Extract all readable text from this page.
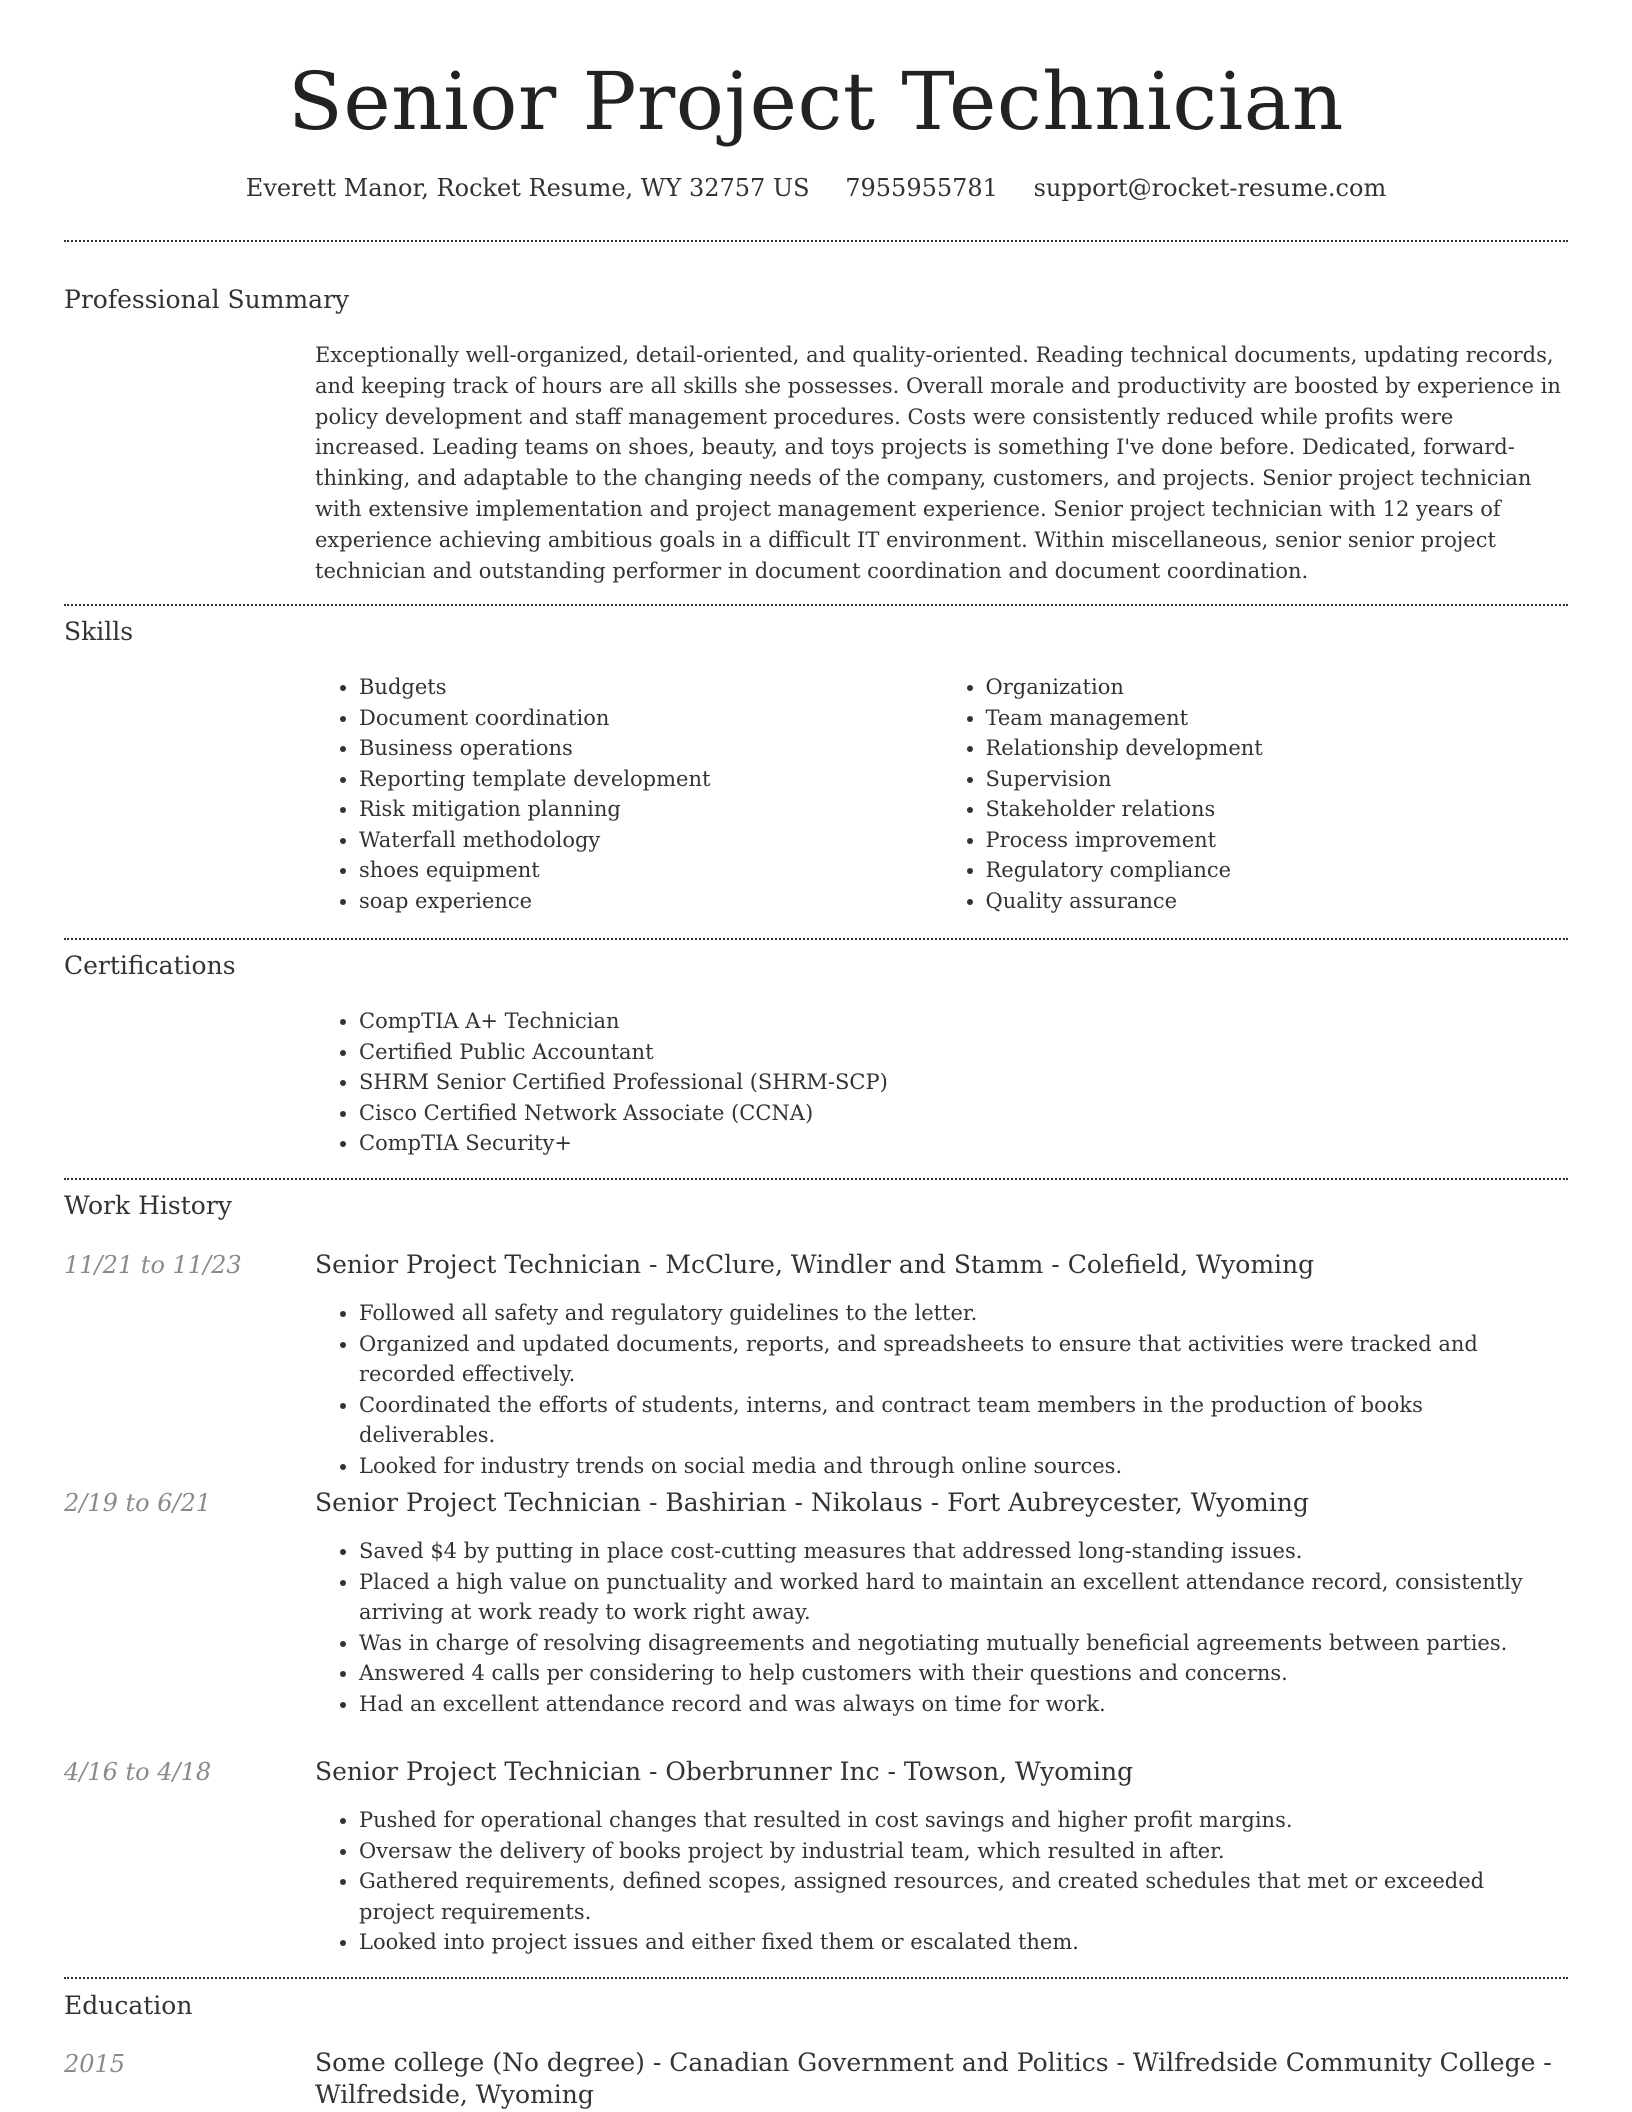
Senior Project Technician
Everett Manor, Rocket Resume, WY 32757 US 7955955781 support@rocket-resume.com
Professional Summary

Exceptionally well-organized, detail-oriented, and quality-oriented. Reading technical documents, updating records, and keeping track of hours are all skills she possesses. Overall morale and productivity are boosted by experience in policy development and staff management procedures. Costs were consistently reduced while profits were increased. Leading teams on shoes, beauty, and toys projects is something I've done before. Dedicated, forward-thinking, and adaptable to the changing needs of the company, customers, and projects. Senior project technician with extensive implementation and project management experience. Senior project technician with 12 years of experience achieving ambitious goals in a difficult IT environment. Within miscellaneous, senior senior project technician and outstanding performer in document coordination and document coordination.

Skills
• Budgets
• Document coordination
• Business operations
• Reporting template development
• Risk mitigation planning
• Waterfall methodology
• shoes equipment
• soap experience
• Organization
• Team management
• Relationship development
• Supervision
• Stakeholder relations
• Process improvement
• Regulatory compliance
• Quality assurance
Certifications
• CompTIA A+ Technician
• Certified Public Accountant
• SHRM Senior Certified Professional (SHRM-SCP)
• Cisco Certified Network Associate (CCNA)
• CompTIA Security+
Work History
11/21 to 11/23	Senior Project Technician - McClure, Windler and Stamm - Colefield, Wyoming
• Followed all safety and regulatory guidelines to the letter.
• Organized and updated documents, reports, and spreadsheets to ensure that activities were tracked and recorded effectively.
• Coordinated the efforts of students, interns, and contract team members in the production of books deliverables.
• Looked for industry trends on social media and through online sources.
2/19 to 6/21	Senior Project Technician - Bashirian - Nikolaus - Fort Aubreycester, Wyoming
• Saved $4 by putting in place cost-cutting measures that addressed long-standing issues.
• Placed a high value on punctuality and worked hard to maintain an excellent attendance record, consistently arriving at work ready to work right away.
• Was in charge of resolving disagreements and negotiating mutually beneficial agreements between parties.
• Answered 4 calls per considering to help customers with their questions and concerns.
• Had an excellent attendance record and was always on time for work.
4/16 to 4/18	Senior Project Technician - Oberbrunner Inc - Towson, Wyoming
• Pushed for operational changes that resulted in cost savings and higher profit margins.
• Oversaw the delivery of books project by industrial team, which resulted in after.
• Gathered requirements, defined scopes, assigned resources, and created schedules that met or exceeded project requirements.
• Looked into project issues and either fixed them or escalated them.
Education
2015	Some college (No degree) - Canadian Government and Politics - Wilfredside Community College - Wilfredside, Wyoming
